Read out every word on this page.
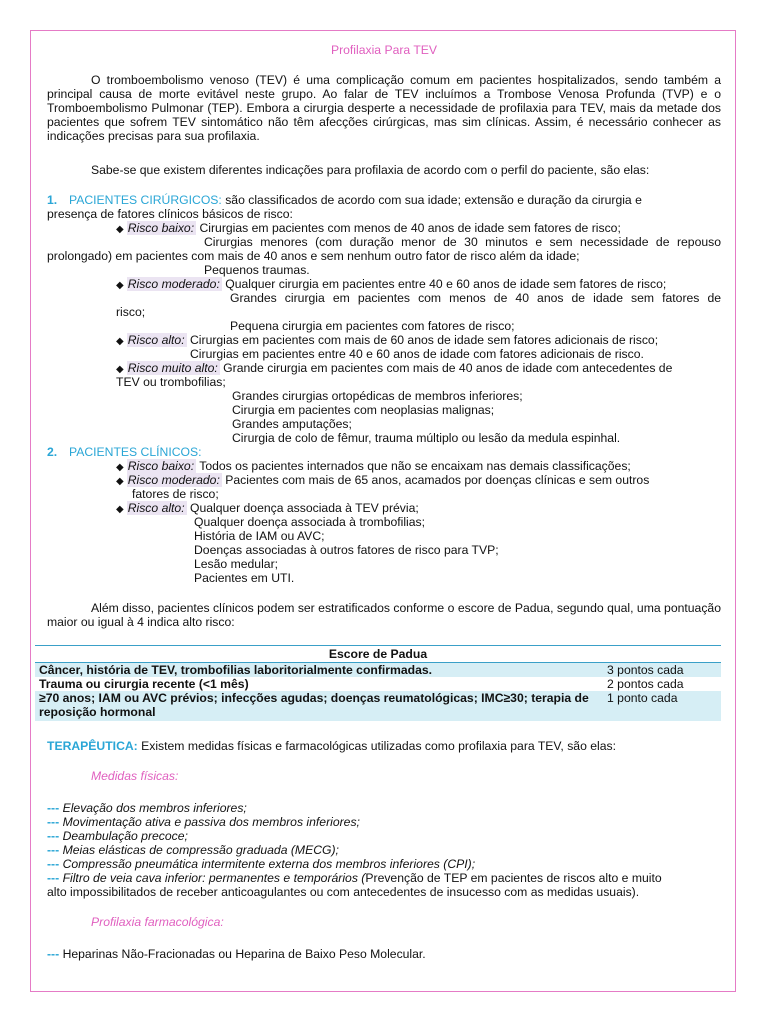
Profilaxia Para TEV
O tromboembolismo venoso (TEV) é uma complicação comum em pacientes hospitalizados, sendo também a principal causa de morte evitável neste grupo. Ao falar de TEV incluímos a Trombose Venosa Profunda (TVP) e o Tromboembolismo Pulmonar (TEP). Embora a cirurgia desperte a necessidade de profilaxia para TEV, mais da metade dos pacientes que sofrem TEV sintomático não têm afecções cirúrgicas, mas sim clínicas. Assim, é necessário conhecer as indicações precisas para sua profilaxia.
Sabe-se que existem diferentes indicações para profilaxia de acordo com o perfil do paciente, são elas:
1. PACIENTES CIRÚRGICOS: são classificados de acordo com sua idade; extensão e duração da cirurgia e
presença de fatores clínicos básicos de risco:
◆ Risco baixo: Cirurgias em pacientes com menos de 40 anos de idade sem fatores de risco;
Cirurgias menores (com duração menor de 30 minutos e sem necessidade de repouso
prolongado) em pacientes com mais de 40 anos e sem nenhum outro fator de risco além da idade;
Pequenos traumas.
◆ Risco moderado: Qualquer cirurgia em pacientes entre 40 e 60 anos de idade sem fatores de risco;
Grandes cirurgia em pacientes com menos de 40 anos de idade sem fatores de
risco;
Pequena cirurgia em pacientes com fatores de risco;
◆ Risco alto: Cirurgias em pacientes com mais de 60 anos de idade sem fatores adicionais de risco;
Cirurgias em pacientes entre 40 e 60 anos de idade com fatores adicionais de risco.
◆ Risco muito alto: Grande cirurgia em pacientes com mais de 40 anos de idade com antecedentes de
TEV ou trombofilias;
Grandes cirurgias ortopédicas de membros inferiores;
Cirurgia em pacientes com neoplasias malignas;
Grandes amputações;
Cirurgia de colo de fêmur, trauma múltiplo ou lesão da medula espinhal.
2. PACIENTES CLÍNICOS:
◆ Risco baixo: Todos os pacientes internados que não se encaixam nas demais classificações;
◆ Risco moderado: Pacientes com mais de 65 anos, acamados por doenças clínicas e sem outros
fatores de risco;
◆ Risco alto: Qualquer doença associada à TEV prévia;
Qualquer doença associada à trombofilias;
História de IAM ou AVC;
Doenças associadas à outros fatores de risco para TVP;
Lesão medular;
Pacientes em UTI.
Além disso, pacientes clínicos podem ser estratificados conforme o escore de Padua, segundo qual, uma pontuação maior ou igual à 4 indica alto risco:
Escore de Padua	
Câncer, história de TEV, trombofilias laboritorialmente confirmadas.	3 pontos cada
Trauma ou cirurgia recente (<1 mês)	2 pontos cada
≥70 anos; IAM ou AVC prévios; infecções agudas; doenças reumatológicas; IMC≥30; terapia de reposição hormonal	1 ponto cada
TERAPÊUTICA: Existem medidas físicas e farmacológicas utilizadas como profilaxia para TEV, são elas:
Medidas físicas:
--- Elevação dos membros inferiores;
--- Movimentação ativa e passiva dos membros inferiores;
--- Deambulação precoce;
--- Meias elásticas de compressão graduada (MECG);
--- Compressão pneumática intermitente externa dos membros inferiores (CPI);
--- Filtro de veia cava inferior: permanentes e temporários (Prevenção de TEP em pacientes de riscos alto e muito
alto impossibilitados de receber anticoagulantes ou com antecedentes de insucesso com as medidas usuais).
Profilaxia farmacológica:
--- Heparinas Não-Fracionadas ou Heparina de Baixo Peso Molecular.
